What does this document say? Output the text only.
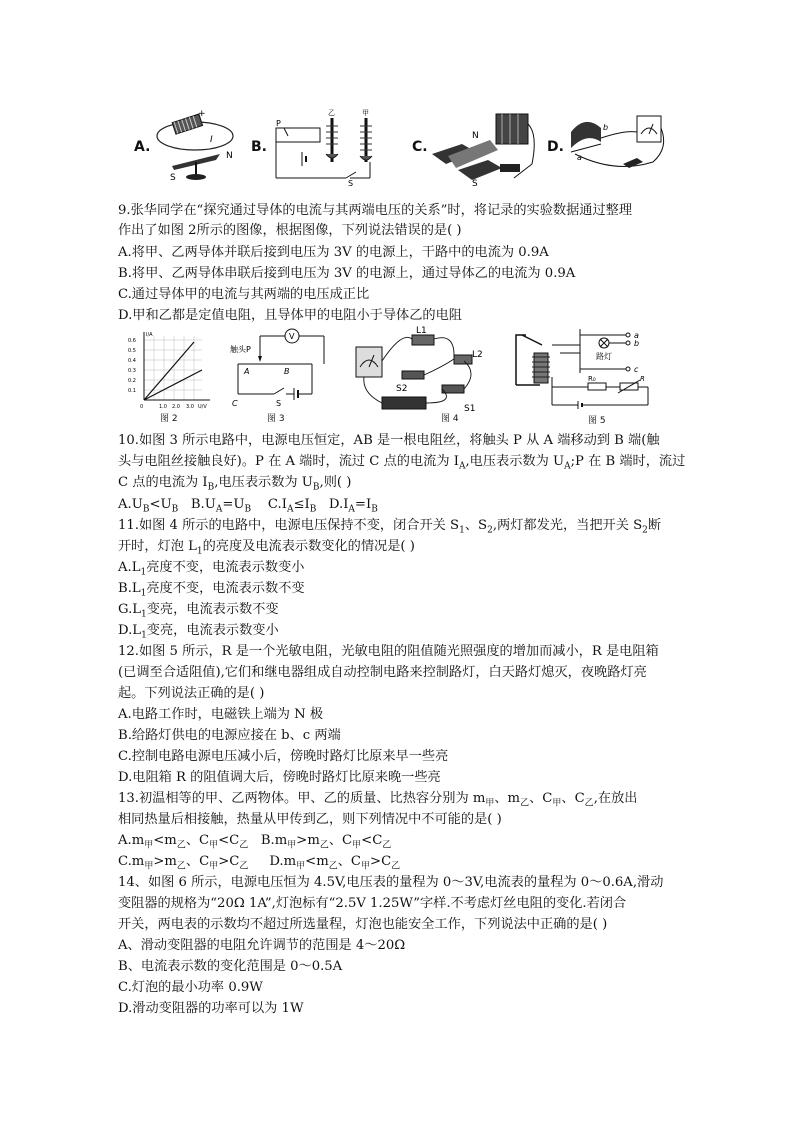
A.	B.	C.	D.
+
I
N
S
P
乙	甲
S
N
S
a
b
9.张华同学在“探究通过导体的电流与其两端电压的关系”时，将记录的实验数据通过整理
作出了如图 2所示的图像，根据图像，下列说法错误的是( )
A.将甲、乙两导体并联后接到电压为 3V 的电源上，干路中的电流为 0.9A
B.将甲、乙两导体串联后接到电压为 3V 的电源上，通过导体乙的电流为 0.9A
C.通过导体甲的电流与其两端的电压成正比
D.甲和乙都是定值电阻，且导体甲的电阻小于导体乙的电阻
I/A
U/V
0.6
0.5
0.4
0.3
0.2
0.1
0	1.0 2.0 3.0
图 2
V
触头P
A	B
C	S
图 3
L1
L2
S2
S1
图 4
路灯
a
b
c
R₀	R
图 5
10.如图 3 所示电路中，电源电压恒定，AB 是一根电阻丝，将触头 P 从 A 端移动到 B 端(触
头与电阻丝接触良好)。P 在 A 端时，流过 C 点的电流为 $I_A$,电压表示数为 $U_A;P$ 在 B 端时，流过
C 点的电流为 $I_B$,电压表示数为 $U_B$,则( )
$A.U_B<U_B$   $B.U_A=U_B$    $C.I_A\le I_B$   $D.I_A=I_B$
11.如图 4 所示的电路中，电源电压保持不变，闭合开关 $S_1$、$S_2$,两灯都发光，当把开关 $S_2$断
开时，灯泡 $L_1$的亮度及电流表示数变化的情况是( )
$A.L_1$亮度不变，电流表示数变小
$B.L_1$亮度不变，电流表示数不变
$G.L_1$变亮，电流表示数不变
$D.L_1$变亮，电流表示数变小
12.如图 5 所示，R 是一个光敏电阻，光敏电阻的阻值随光照强度的增加而减小，R 是电阻箱
(已调至合适阻值),它们和继电器组成自动控制电路来控制路灯，白天路灯熄灭，夜晚路灯亮
起。下列说法正确的是( )
A.电路工作时，电磁铁上端为 N 极
B.给路灯供电的电源应接在 b、c 两端
C.控制电路电源电压减小后，傍晚时路灯比原来早一些亮
D.电阻箱 R 的阻值调大后，傍晚时路灯比原来晚一些亮
13.初温相等的甲、乙两物体。甲、乙的质量、比热容分别为 $m_甲$、$m_乙$、$C_甲$、$C_乙$,在放出
相同热量后相接触，热量从甲传到乙，则下列情况中不可能的是( )
$A.m_甲<m_乙$、$C_甲<C_乙$   $B.m_甲>m_乙$、$C_甲<C_乙$
$C.m_甲>m_乙$、$C_甲>C_乙$     $D.m_甲<m_乙$、$C_甲>C_乙$
14、如图 6 所示，电源电压恒为 4.5V,电压表的量程为 0～3V,电流表的量程为 0～0.6A,滑动
变阻器的规格为“20Ω 1A”,灯泡标有“2.5V 1.25W”字样.不考虑灯丝电阻的变化.若闭合
开关，两电表的示数均不超过所选量程，灯泡也能安全工作，下列说法中正确的是( )
A、滑动变阻器的电阻允许调节的范围是 4～20Ω
B、电流表示数的变化范围是 0～0.5A
C.灯泡的最小功率 0.9W
D.滑动变阻器的功率可以为 1W
